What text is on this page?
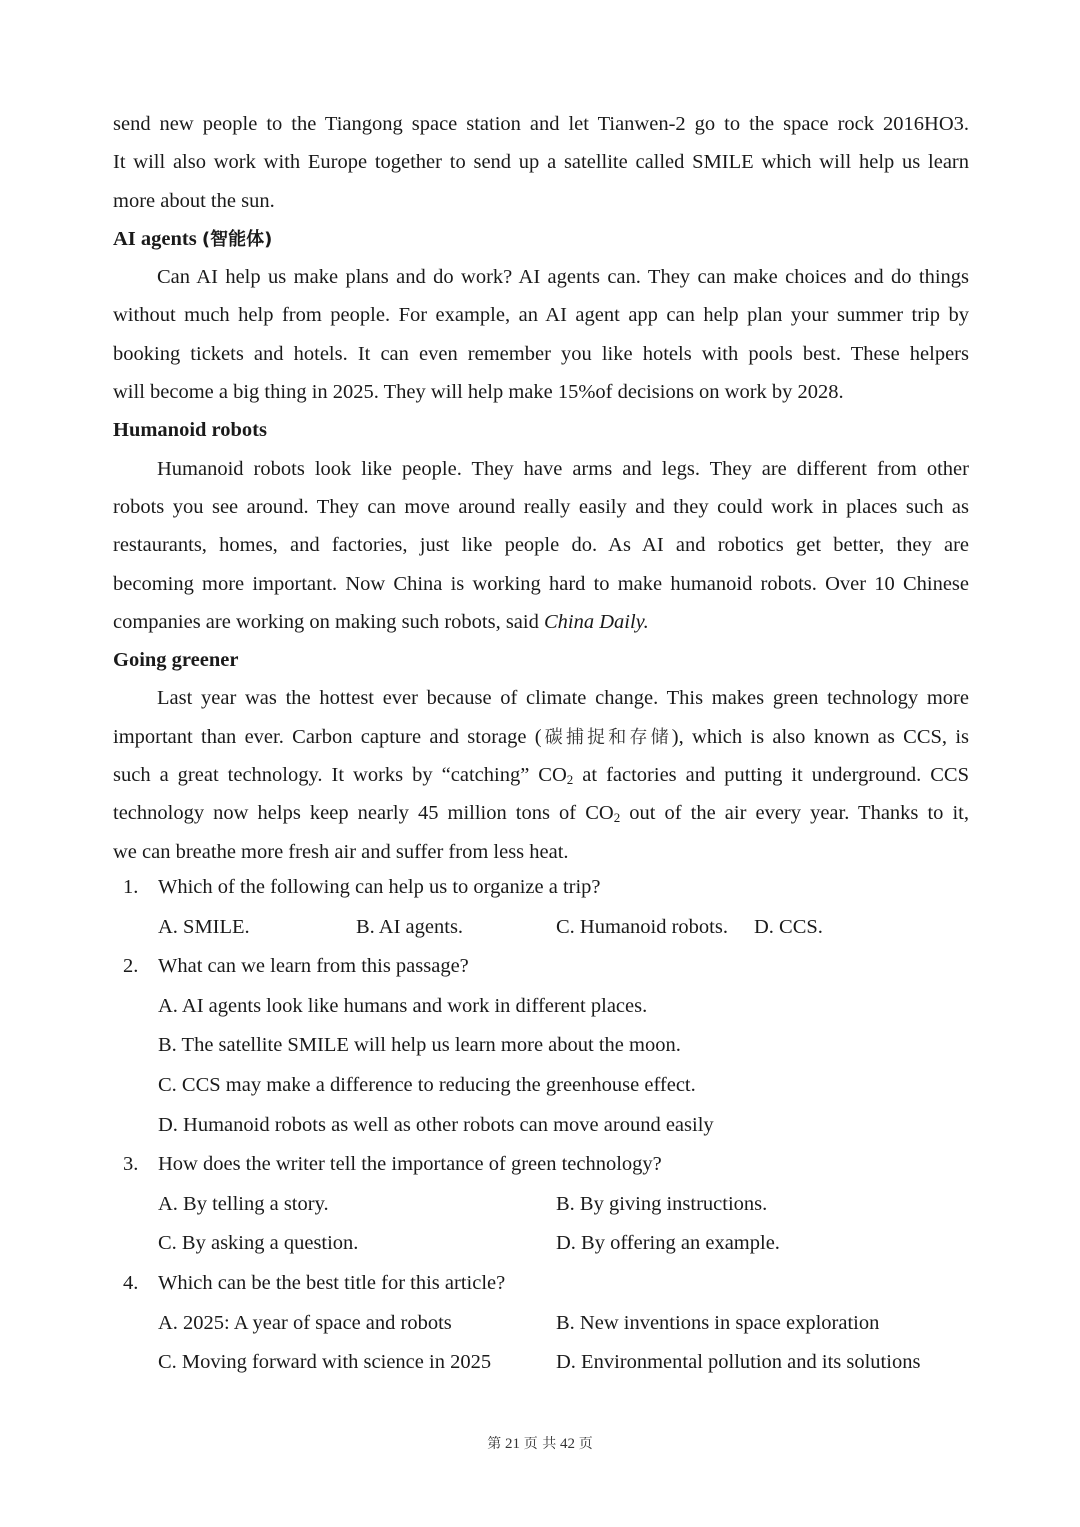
send new people to the Tiangong space station and let Tianwen-2 go to the space rock 2016HO3.
It will also work with Europe together to send up a satellite called SMILE which will help us learn
more about the sun.
AI agents (智能体)
Can AI help us make plans and do work? AI agents can. They can make choices and do things
without much help from people. For example, an AI agent app can help plan your summer trip by
booking tickets and hotels. It can even remember you like hotels with pools best. These helpers
will become a big thing in 2025. They will help make 15%of decisions on work by 2028.
Humanoid robots
Humanoid robots look like people. They have arms and legs. They are different from other
robots you see around. They can move around really easily and they could work in places such as
restaurants, homes, and factories, just like people do. As AI and robotics get better, they are
becoming more important. Now China is working hard to make humanoid robots. Over 10 Chinese
companies are working on making such robots, said China Daily.
Going greener
Last year was the hottest ever because of climate change. This makes green technology more
important than ever. Carbon capture and storage (碳捕捉和存储), which is also known as CCS, is
such a great technology. It works by “catching” $CO_2$ at factories and putting it underground. CCS
technology now helps keep nearly 45 million tons of $CO_2$ out of the air every year. Thanks to it,
we can breathe more fresh air and suffer from less heat.
1. Which of the following can help us to organize a trip?
A. SMILE.	B. AI agents.	C. Humanoid robots.	D. CCS.
2. What can we learn from this passage?
A. AI agents look like humans and work in different places.
B. The satellite SMILE will help us learn more about the moon.
C. CCS may make a difference to reducing the greenhouse effect.
D. Humanoid robots as well as other robots can move around easily
3. How does the writer tell the importance of green technology?
A. By telling a story.	B. By giving instructions.
C. By asking a question.	D. By offering an example.
4. Which can be the best title for this article?
A. 2025: A year of space and robots	B. New inventions in space exploration
C. Moving forward with science in 2025	D. Environmental pollution and its solutions
第 21 页 共 42 页
